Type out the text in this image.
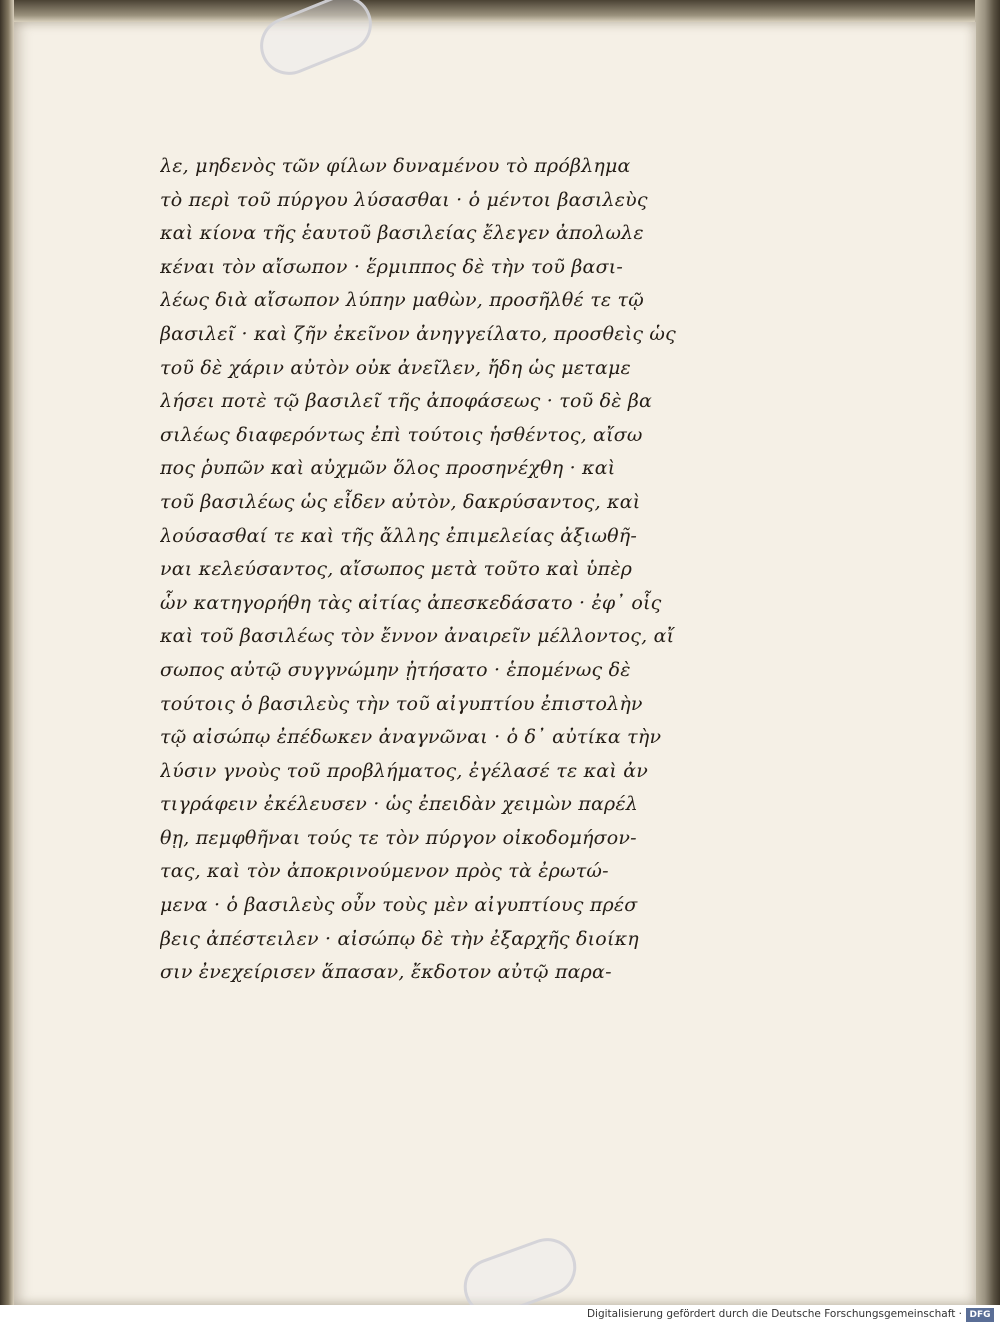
λε, μηδενὸς τῶν φίλων δυναμένου τὸ πρόβλημα
τὸ περὶ τοῦ πύργου λύσασθαι · ὁ μέντοι βασιλεὺς
καὶ κίονα τῆς ἑαυτοῦ βασιλείας ἔλεγεν ἀπολωλε
κέναι τὸν αἴσωπον · ἕρμιππος δὲ τὴν τοῦ βασι-
λέως διὰ αἴσωπον λύπην μαθὼν, προσῆλθέ τε τῷ
βασιλεῖ · καὶ ζῆν ἐκεῖνον ἀνηγγείλατο, προσθεὶς ὡς
τοῦ δὲ χάριν αὐτὸν οὐκ ἀνεῖλεν, ἤδη ὡς μεταμε
λήσει ποτὲ τῷ βασιλεῖ τῆς ἀποφάσεως · τοῦ δὲ βα
σιλέως διαφερόντως ἐπὶ τούτοις ἡσθέντος, αἴσω
πος ῥυπῶν καὶ αὐχμῶν ὅλος προσηνέχθη · καὶ
τοῦ βασιλέως ὡς εἶδεν αὐτὸν, δακρύσαντος, καὶ
λούσασθαί τε καὶ τῆς ἄλλης ἐπιμελείας ἀξιωθῆ-
ναι κελεύσαντος, αἴσωπος μετὰ τοῦτο καὶ ὑπὲρ
ὧν κατηγορήθη τὰς αἰτίας ἀπεσκεδάσατο · ἐφ᾽ οἷς
καὶ τοῦ βασιλέως τὸν ἔννον ἀναιρεῖν μέλλοντος, αἴ
σωπος αὐτῷ συγγνώμην ᾐτήσατο · ἑπομένως δὲ
τούτοις ὁ βασιλεὺς τὴν τοῦ αἰγυπτίου ἐπιστολὴν
τῷ αἰσώπῳ ἐπέδωκεν ἀναγνῶναι · ὁ δ᾽ αὐτίκα τὴν
λύσιν γνοὺς τοῦ προβλήματος, ἐγέλασέ τε καὶ ἀν
τιγράφειν ἐκέλευσεν · ὡς ἐπειδὰν χειμὼν παρέλ
θῃ, πεμφθῆναι τούς τε τὸν πύργον οἰκοδομήσον-
τας, καὶ τὸν ἀποκρινούμενον πρὸς τὰ ἐρωτώ-
μενα · ὁ βασιλεὺς οὖν τοὺς μὲν αἰγυπτίους πρέσ
βεις ἀπέστειλεν · αἰσώπῳ δὲ τὴν ἐξαρχῆς διοίκη
σιν ἐνεχείρισεν ἅπασαν, ἔκδοτον αὐτῷ παρα-
Digitalisierung gefördert durch die Deutsche Forschungsgemeinschaft · DFG
